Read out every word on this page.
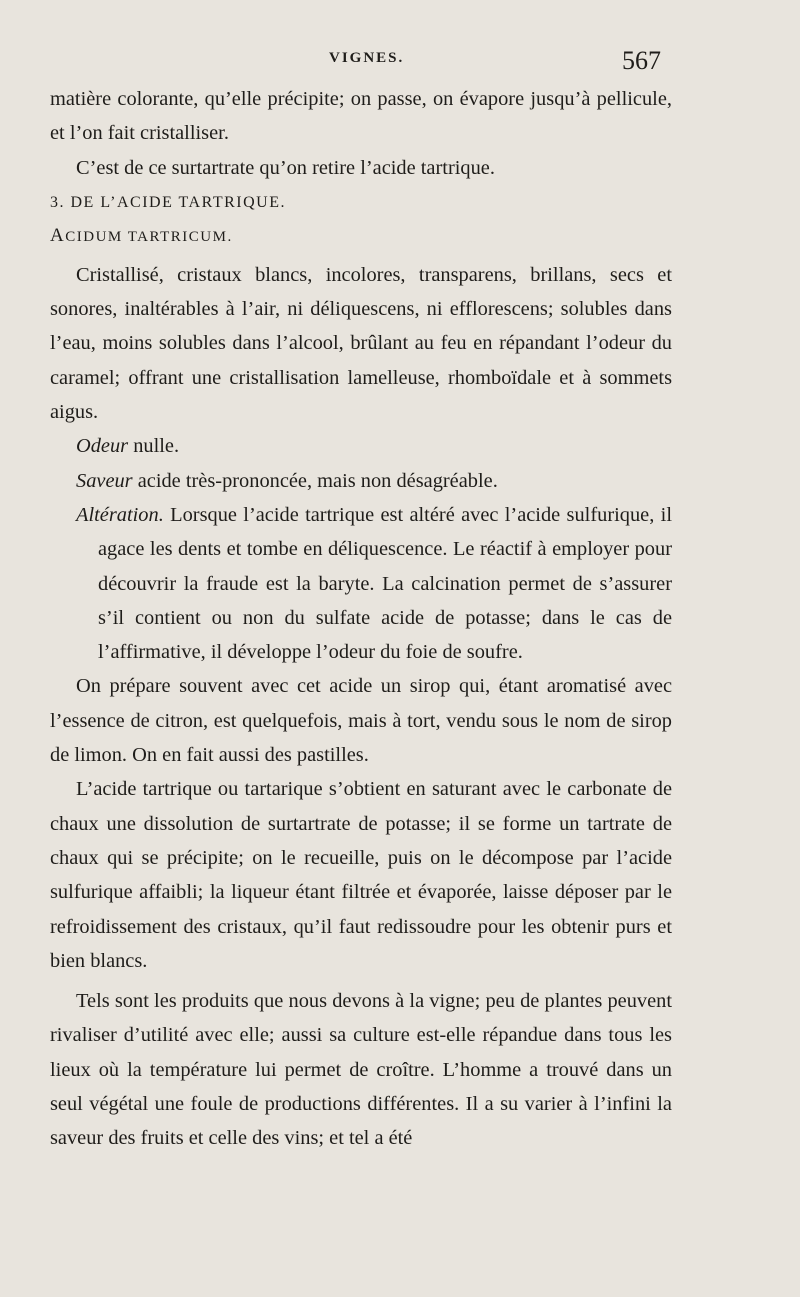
VIGNES.	567

matière colorante, qu’elle précipite; on passe, on évapore jusqu’à pellicule, et l’on fait cristalliser.

C’est de ce surtartrate qu’on retire l’acide tartrique.

3. DE L’ACIDE TARTRIQUE.

ACIDUM TARTRICUM.

Cristallisé, cristaux blancs, incolores, transparens, brillans, secs et sonores, inaltérables à l’air, ni déliquescens, ni efflorescens; solubles dans l’eau, moins solubles dans l’alcool, brûlant au feu en répandant l’odeur du caramel; offrant une cristallisation lamelleuse, rhomboïdale et à sommets aigus.

Odeur nulle.

Saveur acide très-prononcée, mais non désagréable.

Altération. Lorsque l’acide tartrique est altéré avec l’acide sulfurique, il agace les dents et tombe en déliquescence. Le réactif à employer pour découvrir la fraude est la baryte. La calcination permet de s’assurer s’il contient ou non du sulfate acide de potasse; dans le cas de l’affirmative, il développe l’odeur du foie de soufre.

On prépare souvent avec cet acide un sirop qui, étant aromatisé avec l’essence de citron, est quelquefois, mais à tort, vendu sous le nom de sirop de limon. On en fait aussi des pastilles.

L’acide tartrique ou tartarique s’obtient en saturant avec le carbonate de chaux une dissolution de surtartrate de potasse; il se forme un tartrate de chaux qui se précipite; on le recueille, puis on le décompose par l’acide sulfurique affaibli; la liqueur étant filtrée et évaporée, laisse déposer par le refroidissement des cristaux, qu’il faut redissoudre pour les obtenir purs et bien blancs.

Tels sont les produits que nous devons à la vigne; peu de plantes peuvent rivaliser d’utilité avec elle; aussi sa culture est-elle répandue dans tous les lieux où la température lui permet de croître. L’homme a trouvé dans un seul végétal une foule de productions différentes. Il a su varier à l’infini la saveur des fruits et celle des vins; et tel a été
